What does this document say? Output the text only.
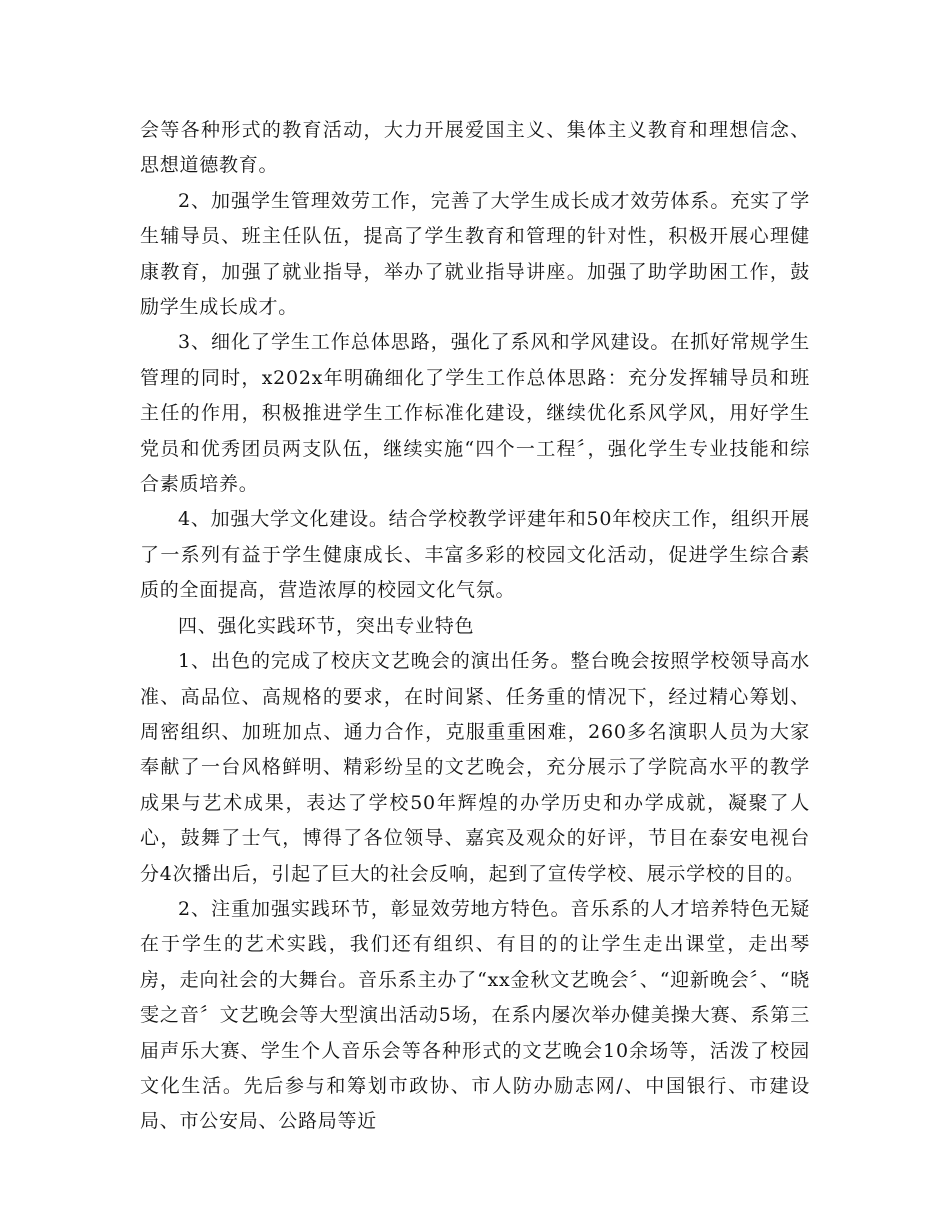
会等各种形式的教育活动，大力开展爱国主义、集体主义教育和理想信念、思想道德教育。

2、加强学生管理效劳工作，完善了大学生成长成才效劳体系。充实了学生辅导员、班主任队伍，提高了学生教育和管理的针对性，积极开展心理健康教育，加强了就业指导，举办了就业指导讲座。加强了助学助困工作，鼓励学生成长成才。

3、细化了学生工作总体思路，强化了系风和学风建设。在抓好常规学生管理的同时，x202x年明确细化了学生工作总体思路：充分发挥辅导员和班主任的作用，积极推进学生工作标准化建设，继续优化系风学风，用好学生党员和优秀团员两支队伍，继续实施“四个一工程〞，强化学生专业技能和综合素质培养。

4、加强大学文化建设。结合学校教学评建年和50年校庆工作，组织开展了一系列有益于学生健康成长、丰富多彩的校园文化活动，促进学生综合素质的全面提高，营造浓厚的校园文化气氛。

四、强化实践环节，突出专业特色

1、出色的完成了校庆文艺晚会的演出任务。整台晚会按照学校领导高水准、高品位、高规格的要求，在时间紧、任务重的情况下，经过精心筹划、周密组织、加班加点、通力合作，克服重重困难，260多名演职人员为大家奉献了一台风格鲜明、精彩纷呈的文艺晚会，充分展示了学院高水平的教学成果与艺术成果，表达了学校50年辉煌的办学历史和办学成就，凝聚了人心，鼓舞了士气，博得了各位领导、嘉宾及观众的好评，节目在泰安电视台分4次播出后，引起了巨大的社会反响，起到了宣传学校、展示学校的目的。

2、注重加强实践环节，彰显效劳地方特色。音乐系的人才培养特色无疑在于学生的艺术实践，我们还有组织、有目的的让学生走出课堂，走出琴房，走向社会的大舞台。音乐系主办了“xx金秋文艺晚会〞、“迎新晚会〞、“晓雯之音〞文艺晚会等大型演出活动5场，在系内屡次举办健美操大赛、系第三届声乐大赛、学生个人音乐会等各种形式的文艺晚会10余场等，活泼了校园文化生活。先后参与和筹划市政协、市人防办励志网/、中国银行、市建设局、市公安局、公路局等近
